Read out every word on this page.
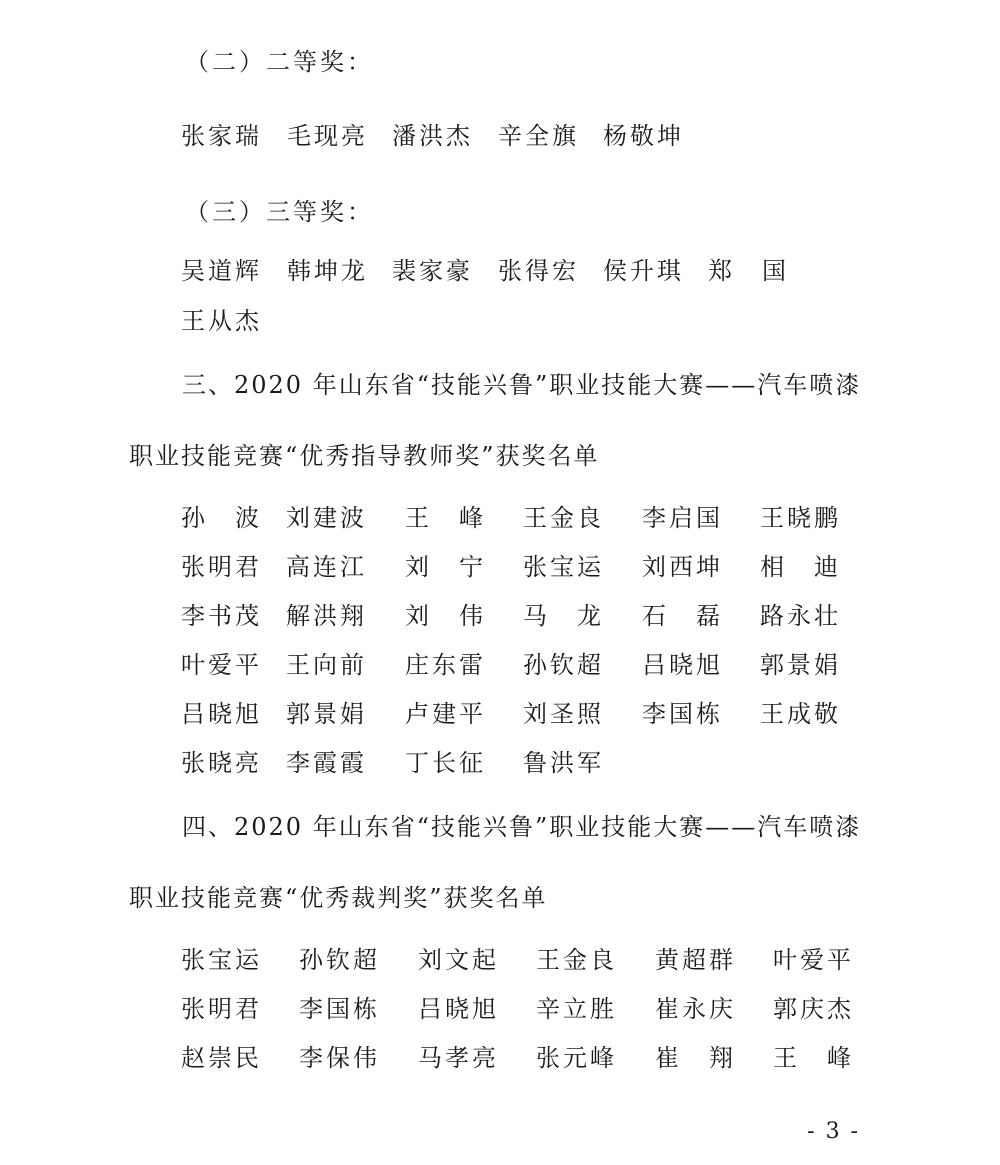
（二）二等奖：
张家瑞 毛现亮 潘洪杰 辛全旗 杨敬坤
（三）三等奖：
吴道辉 韩坤龙 裴家豪 张得宏 侯升琪 郑　国
王从杰
三、2020 年山东省“技能兴鲁”职业技能大赛——汽车喷漆
职业技能竞赛“优秀指导教师奖”获奖名单
孙　波 刘建波 王　峰 王金良 李启国 王晓鹏
张明君 高连江 刘　宁 张宝运 刘西坤 相　迪
李书茂 解洪翔 刘　伟 马　龙 石　磊 路永壮
叶爱平 王向前 庄东雷 孙钦超 吕晓旭 郭景娟
吕晓旭 郭景娟 卢建平 刘圣照 李国栋 王成敬
张晓亮 李霞霞 丁长征 鲁洪军
四、2020 年山东省“技能兴鲁”职业技能大赛——汽车喷漆
职业技能竞赛“优秀裁判奖”获奖名单
张宝运 孙钦超 刘文起 王金良 黄超群 叶爱平
张明君 李国栋 吕晓旭 辛立胜 崔永庆 郭庆杰
赵崇民 李保伟 马孝亮 张元峰 崔　翔 王　峰
- 3 -
